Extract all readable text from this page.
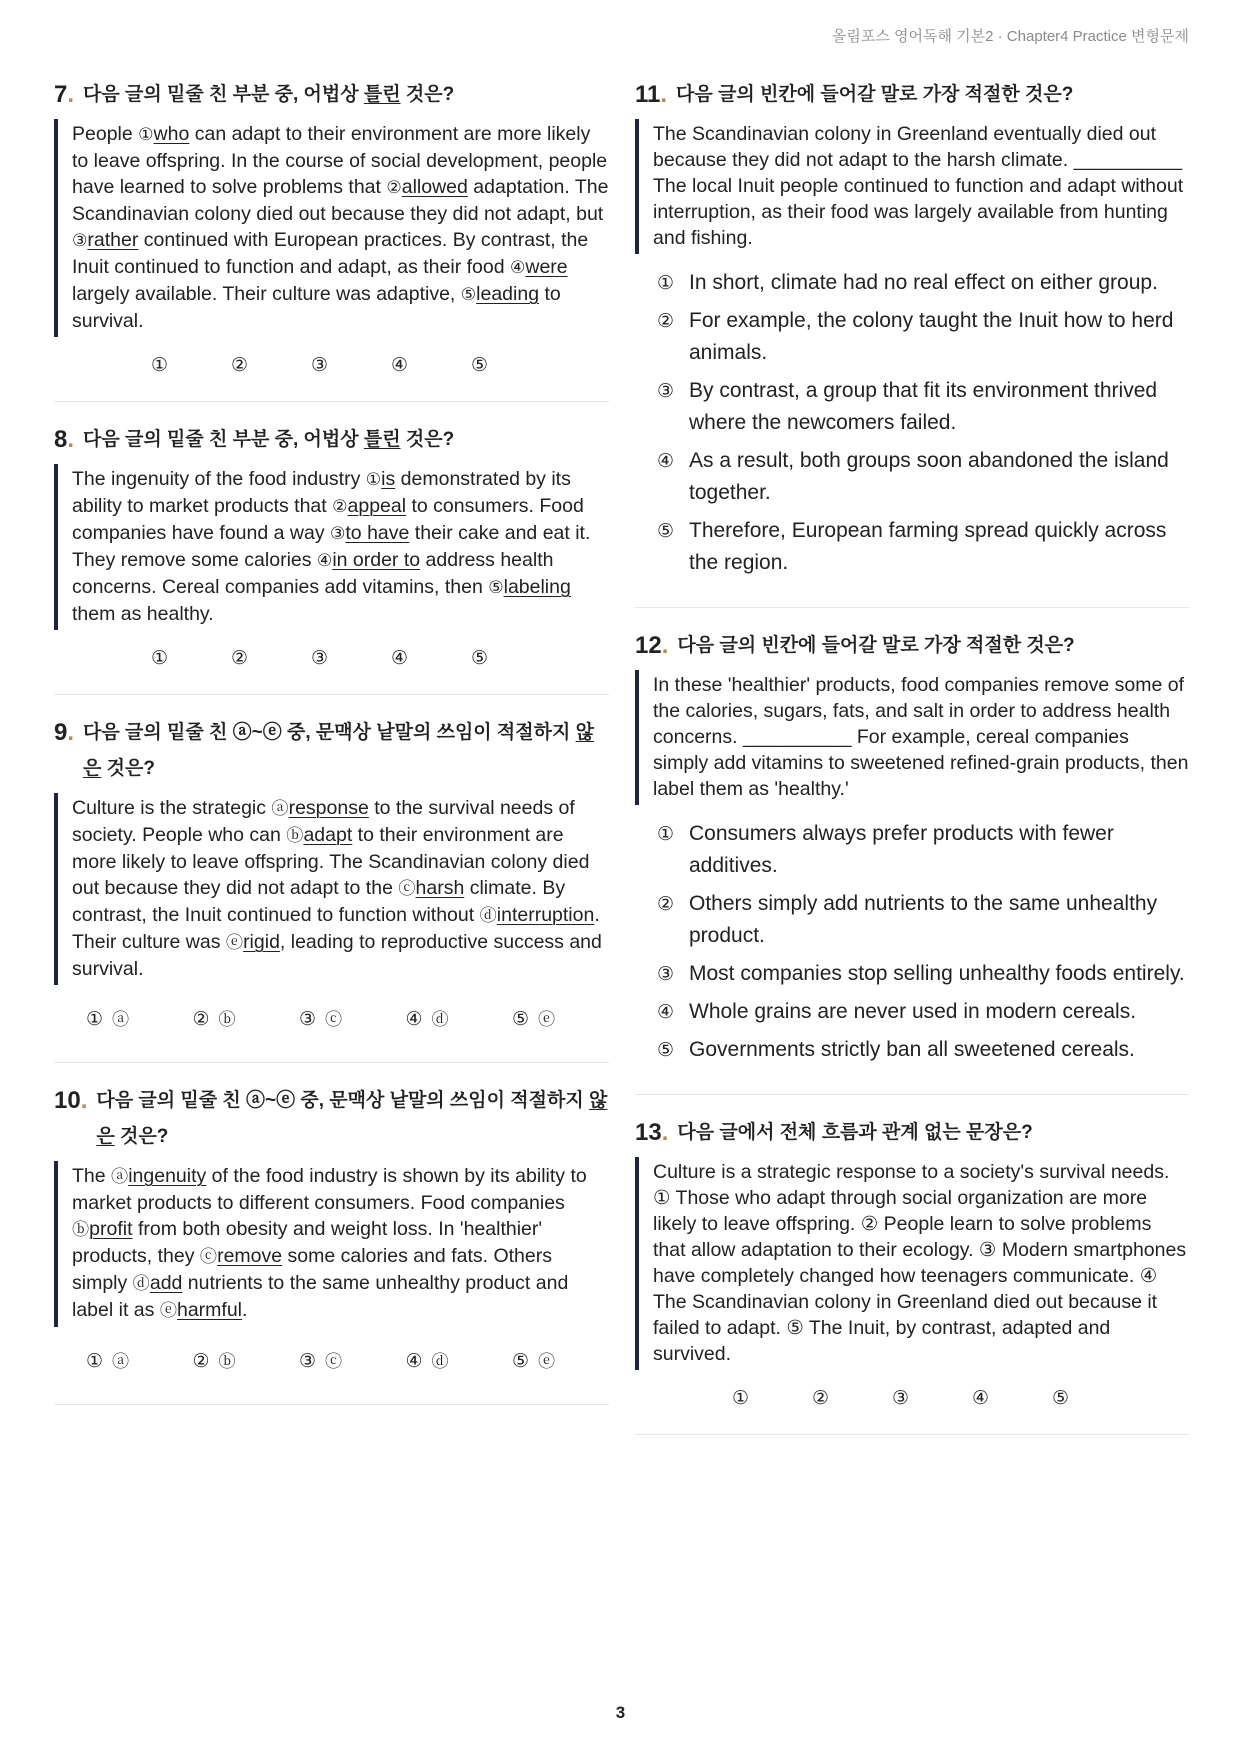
올림포스 영어독해 기본2 · Chapter4 Practice 변형문제
7. 다음 글의 밑줄 친 부분 중, 어법상 틀린 것은?
People ①who can adapt to their environment are more likely to leave offspring. In the course of social development, people have learned to solve problems that ②allowed adaptation. The Scandinavian colony died out because they did not adapt, but ③rather continued with European practices. By contrast, the Inuit continued to function and adapt, as their food ④were largely available. Their culture was adaptive, ⑤leading to survival.
①	②	③	④	⑤
8. 다음 글의 밑줄 친 부분 중, 어법상 틀린 것은?
The ingenuity of the food industry ①is demonstrated by its ability to market products that ②appeal to consumers. Food companies have found a way ③to have their cake and eat it. They remove some calories ④in order to address health concerns. Cereal companies add vitamins, then ⑤labeling them as healthy.
①	②	③	④	⑤
9. 다음 글의 밑줄 친 ⓐ~ⓔ 중, 문맥상 낱말의 쓰임이 적절하지 않은 것은?
Culture is the strategic ⓐresponse to the survival needs of society. People who can ⓑadapt to their environment are more likely to leave offspring. The Scandinavian colony died out because they did not adapt to the ⓒharsh climate. By contrast, the Inuit continued to function without ⓓinterruption. Their culture was ⓔrigid, leading to reproductive success and survival.
① ⓐ	② ⓑ	③ ⓒ	④ ⓓ	⑤ ⓔ
10. 다음 글의 밑줄 친 ⓐ~ⓔ 중, 문맥상 낱말의 쓰임이 적절하지 않은 것은?
The ⓐingenuity of the food industry is shown by its ability to market products to different consumers. Food companies ⓑprofit from both obesity and weight loss. In 'healthier' products, they ⓒremove some calories and fats. Others simply ⓓadd nutrients to the same unhealthy product and label it as ⓔharmful.
① ⓐ	② ⓑ	③ ⓒ	④ ⓓ	⑤ ⓔ
11. 다음 글의 빈칸에 들어갈 말로 가장 적절한 것은?
The Scandinavian colony in Greenland eventually died out because they did not adapt to the harsh climate. __________ The local Inuit people continued to function and adapt without interruption, as their food was largely available from hunting and fishing.
① In short, climate had no real effect on either group.
② For example, the colony taught the Inuit how to herd animals.
③ By contrast, a group that fit its environment thrived where the newcomers failed.
④ As a result, both groups soon abandoned the island together.
⑤ Therefore, European farming spread quickly across the region.
12. 다음 글의 빈칸에 들어갈 말로 가장 적절한 것은?
In these 'healthier' products, food companies remove some of the calories, sugars, fats, and salt in order to address health concerns. __________ For example, cereal companies simply add vitamins to sweetened refined-grain products, then label them as 'healthy.'
① Consumers always prefer products with fewer additives.
② Others simply add nutrients to the same unhealthy product.
③ Most companies stop selling unhealthy foods entirely.
④ Whole grains are never used in modern cereals.
⑤ Governments strictly ban all sweetened cereals.
13. 다음 글에서 전체 흐름과 관계 없는 문장은?
Culture is a strategic response to a society's survival needs. ① Those who adapt through social organization are more likely to leave offspring. ② People learn to solve problems that allow adaptation to their ecology. ③ Modern smartphones have completely changed how teenagers communicate. ④ The Scandinavian colony in Greenland died out because it failed to adapt. ⑤ The Inuit, by contrast, adapted and survived.
①	②	③	④	⑤
3
